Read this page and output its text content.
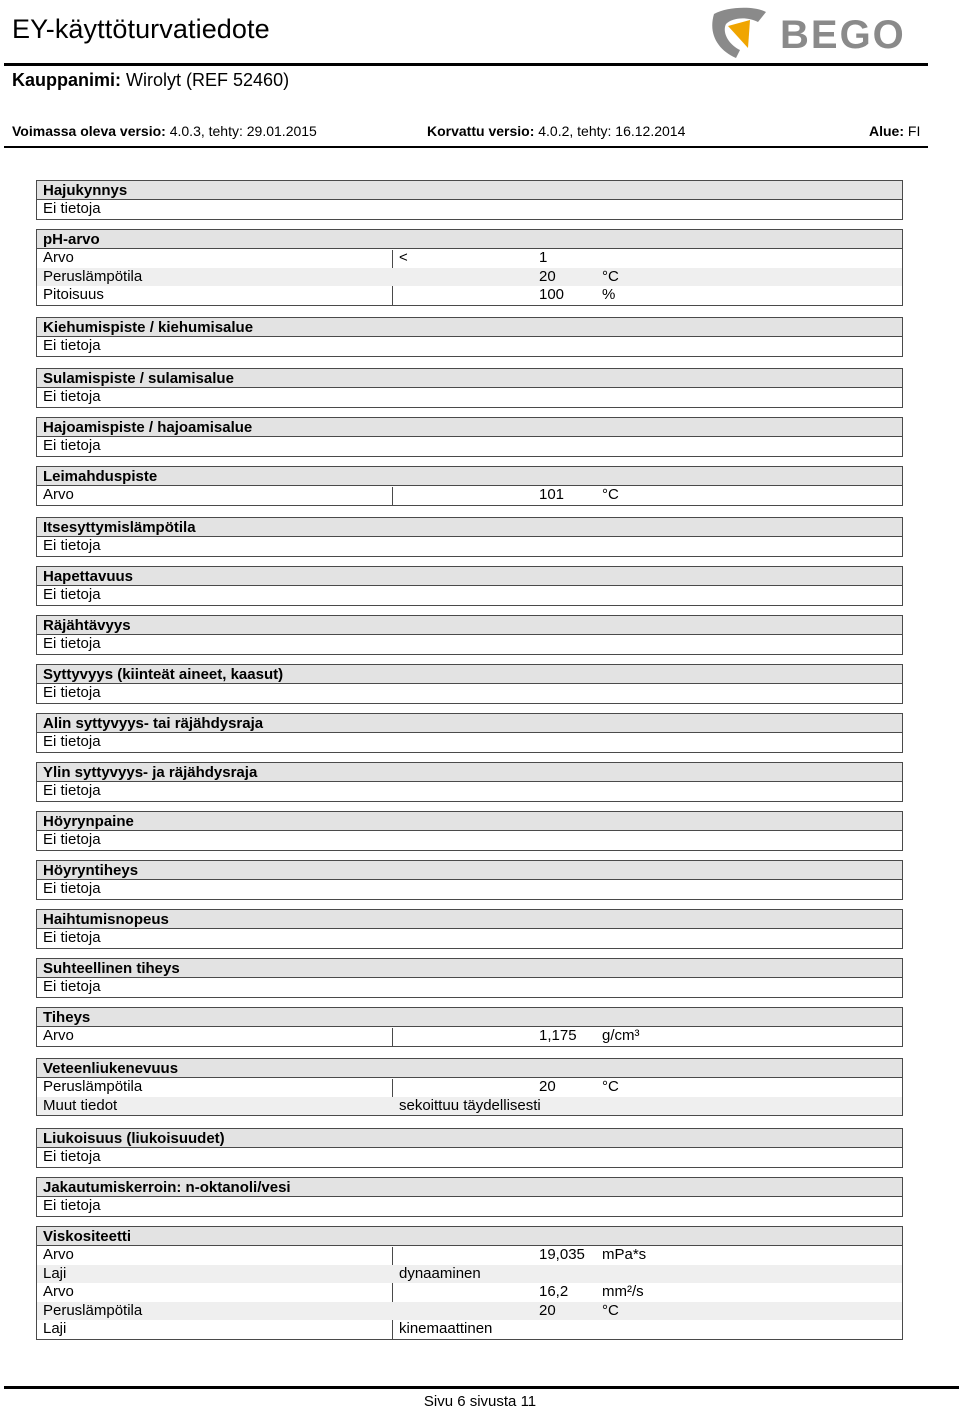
EY-käyttöturvatiedote	BEGO
Kauppanimi: Wirolyt (REF 52460)
Voimassa oleva versio: 4.0.3, tehty: 29.01.2015	Korvattu versio: 4.0.2, tehty: 16.12.2014	Alue: FI
Hajukynnys
Ei tietoja
pH-arvo
Arvo	<	1
Peruslämpötila	20	°C
Pitoisuus	100	%
Kiehumispiste / kiehumisalue
Ei tietoja
Sulamispiste / sulamisalue
Ei tietoja
Hajoamispiste / hajoamisalue
Ei tietoja
Leimahduspiste
Arvo	101	°C
Itsesyttymislämpötila
Ei tietoja
Hapettavuus
Ei tietoja
Räjähtävyys
Ei tietoja
Syttyvyys (kiinteät aineet, kaasut)
Ei tietoja
Alin syttyvyys- tai räjähdysraja
Ei tietoja
Ylin syttyvyys- ja räjähdysraja
Ei tietoja
Höyrynpaine
Ei tietoja
Höyryntiheys
Ei tietoja
Haihtumisnopeus
Ei tietoja
Suhteellinen tiheys
Ei tietoja
Tiheys
Arvo	1,175 g/cm³
Veteenliukenevuus
Peruslämpötila	20	°C
Muut tiedot	sekoittuu täydellisesti
Liukoisuus (liukoisuudet)
Ei tietoja
Jakautumiskerroin: n-oktanoli/vesi
Ei tietoja
Viskositeetti
Arvo	19,035 mPa*s
Laji	dynaaminen
Arvo	16,2 mm²/s
Peruslämpötila	20	°C
Laji	kinemaattinen
Sivu 6 sivusta 11
